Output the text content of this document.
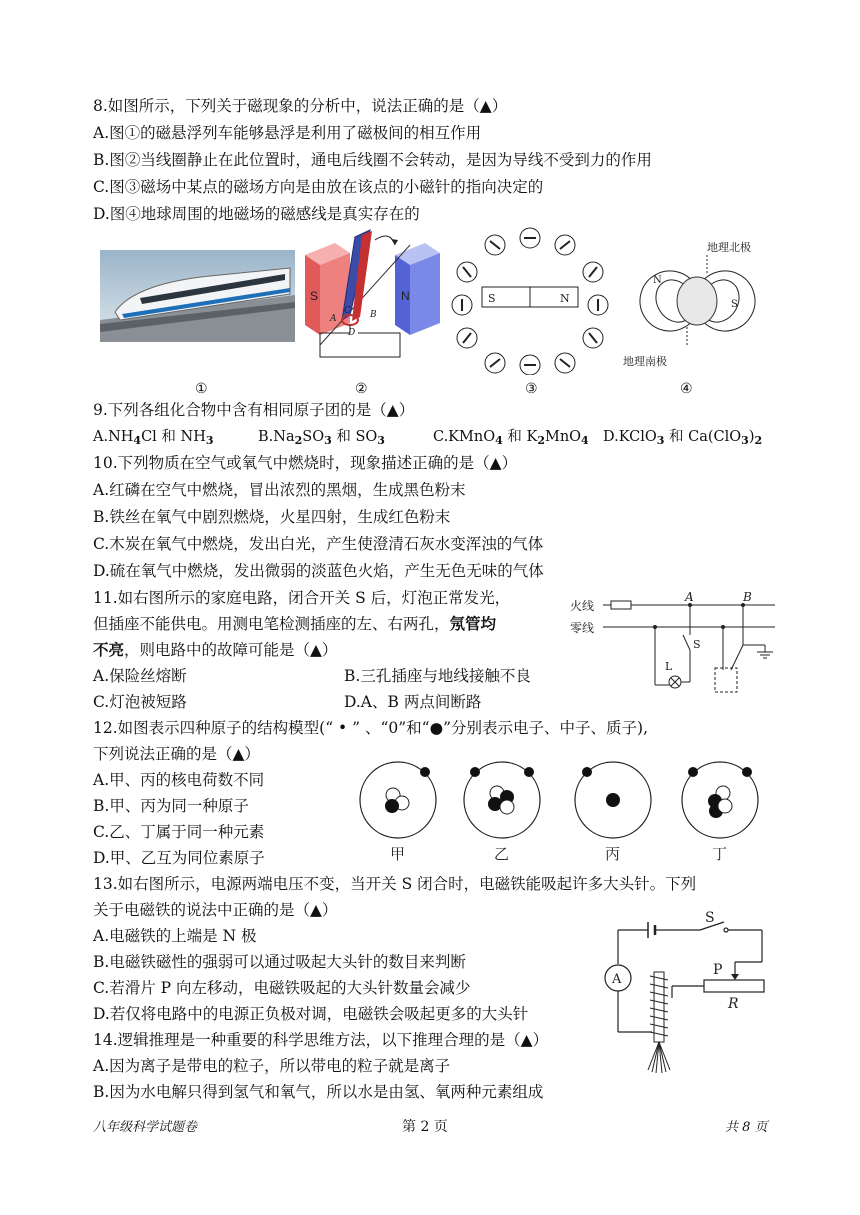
8.如图所示，下列关于磁现象的分析中，说法正确的是（▲）
A.图①的磁悬浮列车能够悬浮是利用了磁极间的相互作用
B.图②当线圈静止在此位置时，通电后线圈不会转动，是因为导线不受到力的作用
C.图③磁场中某点的磁场方向是由放在该点的小磁针的指向决定的
D.图④地球周围的地磁场的磁感线是真实存在的
S	N
A	B
C
D
S	N
地理北极
地理南极
N
S
①	②	③	④
9.下列各组化合物中含有相同原子团的是（▲）
$A.NH_4Cl$ 和 $NH_3$	$B.Na_2SO_3$ 和 $SO_3$	C.KMnO$_4$ 和 $K_2MnO_4$ D.KClO$_3$ 和 $Ca(ClO_3)_2$
10.下列物质在空气或氧气中燃烧时，现象描述正确的是（▲）
A.红磷在空气中燃烧，冒出浓烈的黑烟，生成黑色粉末
B.铁丝在氧气中剧烈燃烧，火星四射，生成红色粉末
C.木炭在氧气中燃烧，发出白光，产生使澄清石灰水变浑浊的气体
D.硫在氧气中燃烧，发出微弱的淡蓝色火焰，产生无色无味的气体
11.如右图所示的家庭电路，闭合开关 S 后，灯泡正常发光，
但插座不能供电。用测电笔检测插座的左、右两孔，氖管均
不亮，则电路中的故障可能是（▲）
A.保险丝熔断	B.三孔插座与地线接触不良
C.灯泡被短路	D.A、B 两点间断路
火线
零线
A	B
S
L
12.如图表示四种原子的结构模型(“ • ” 、“0”和“●”分别表示电子、中子、质子),
下列说法正确的是（▲）
A.甲、丙的核电荷数不同
B.甲、丙为同一种原子
C.乙、丁属于同一种元素
D.甲、乙互为同位素原子	甲	乙	丙	丁
13.如右图所示，电源两端电压不变，当开关 S 闭合时，电磁铁能吸起许多大头针。下列
关于电磁铁的说法中正确的是（▲）
A.电磁铁的上端是 N 极
B.电磁铁磁性的强弱可以通过吸起大头针的数目来判断
C.若滑片 P 向左移动，电磁铁吸起的大头针数量会减少
D.若仅将电路中的电源正负极对调，电磁铁会吸起更多的大头针
S
A
P
R
14.逻辑推理是一种重要的科学思维方法，以下推理合理的是（▲）
A.因为离子是带电的粒子，所以带电的粒子就是离子
B.因为水电解只得到氢气和氧气，所以水是由氢、氧两种元素组成
八年级科学试题卷	第 2 页	共 8 页
